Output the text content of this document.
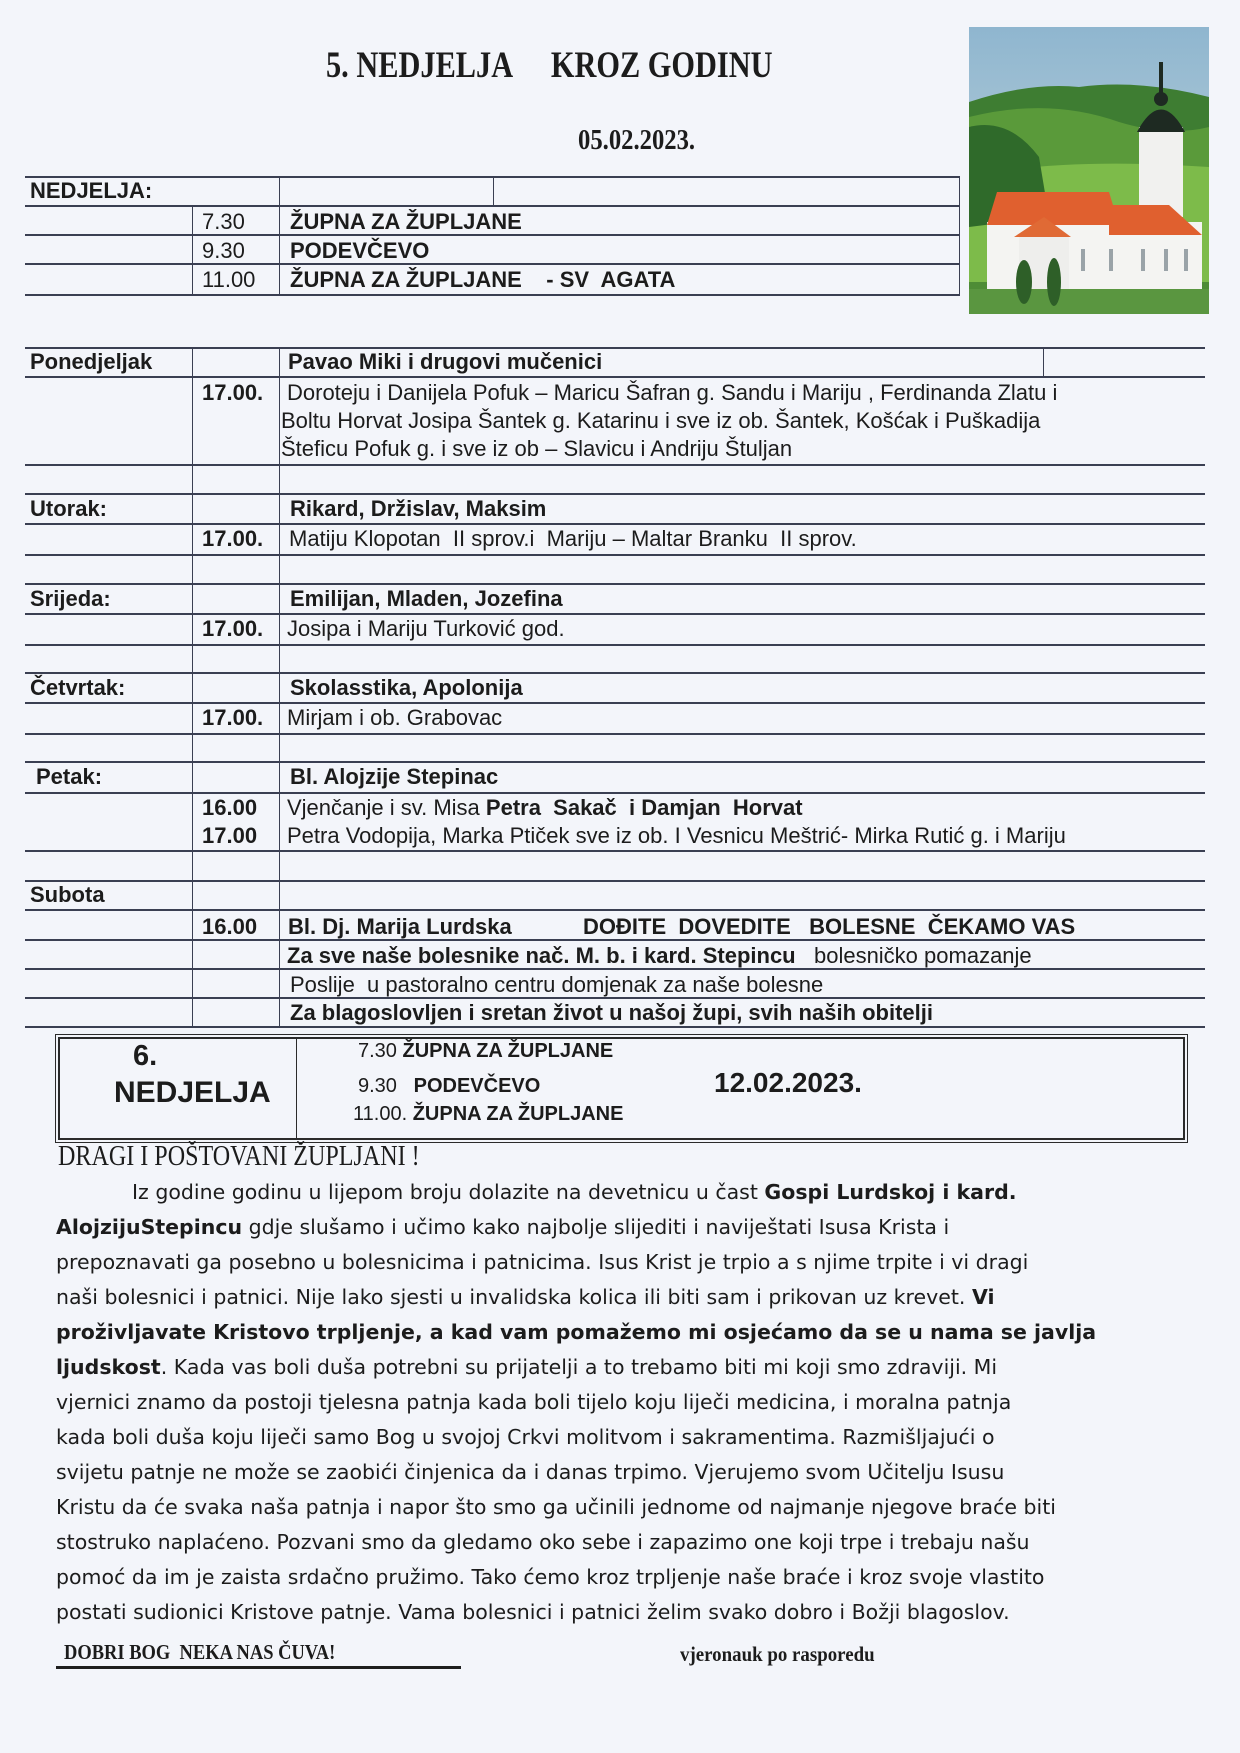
5. NEDJELJA KROZ GODINU
05.02.2023.
NEDJELJA:
7.30 ŽUPNA ZA ŽUPLJANE
9.30 PODEVČEVO
11.00 ŽUPNA ZA ŽUPLJANE    - SV  AGATA
Ponedjeljak	Pavao Miki i drugovi mučenici
17.00. Doroteju i Danijela Pofuk – Maricu Šafran g. Sandu i Mariju , Ferdinanda Zlatu i
Boltu Horvat Josipa Šantek g. Katarinu i sve iz ob. Šantek, Košćak i Puškadija
Šteficu Pofuk g. i sve iz ob – Slavicu i Andriju Štuljan
Utorak:	Rikard, Držislav, Maksim
17.00. Matiju Klopotan  II sprov.i  Mariju – Maltar Branku  II sprov.
Srijeda:	Emilijan, Mladen, Jozefina
17.00. Josipa i Mariju Turković god.
Četvrtak:	Skolasstika, Apolonija
17.00. Mirjam i ob. Grabovac
Petak:	Bl. Alojzije Stepinac
16.00 Vjenčanje i sv. Misa Petra  Sakač  i Damjan  Horvat
17.00 Petra Vodopija, Marka Ptiček sve iz ob. I Vesnicu Meštrić- Mirka Rutić g. i Mariju
Subota
16.00 Bl. Dj. Marija Lurdska	DOĐITE  DOVEDITE   BOLESNE  ČEKAMO VAS
Za sve naše bolesnike nač. M. b. i kard. Stepincu bolesničko pomazanje
Poslije  u pastoralno centru domjenak za naše bolesne
Za blagoslovljen i sretan život u našoj župi, svih naših obitelji
6.
NEDJELJA
7.30 ŽUPNA ZA ŽUPLJANE
9.30 PODEVČEVO
11.00. ŽUPNA ZA ŽUPLJANE
12.02.2023.
DRAGI I POŠTOVANI ŽUPLJANI !
Iz godine godinu u lijepom broju dolazite na devetnicu u čast Gospi Lurdskoj i kard.
AlojzijuStepincu gdje slušamo i učimo kako najbolje slijediti i naviještati Isusa Krista i
prepoznavati ga posebno u bolesnicima i patnicima. Isus Krist je trpio a s njime trpite i vi dragi
naši bolesnici i patnici. Nije lako sjesti u invalidska kolica ili biti sam i prikovan uz krevet. Vi
proživljavate Kristovo trpljenje, a kad vam pomažemo mi osjećamo da se u nama se javlja
ljudskost. Kada vas boli duša potrebni su prijatelji a to trebamo biti mi koji smo zdraviji. Mi
vjernici znamo da postoji tjelesna patnja kada boli tijelo koju liječi medicina, i moralna patnja
kada boli duša koju liječi samo Bog u svojoj Crkvi molitvom i sakramentima. Razmišljajući o
svijetu patnje ne može se zaobići činjenica da i danas trpimo. Vjerujemo svom Učitelju Isusu
Kristu da će svaka naša patnja i napor što smo ga učinili jednome od najmanje njegove braće biti
stostruko naplaćeno. Pozvani smo da gledamo oko sebe i zapazimo one koji trpe i trebaju našu
pomoć da im je zaista srdačno pružimo. Tako ćemo kroz trpljenje naše braće i kroz svoje vlastito
postati sudionici Kristove patnje. Vama bolesnici i patnici želim svako dobro i Božji blagoslov.
DOBRI BOG  NEKA NAS ČUVA!	vjeronauk po rasporedu
